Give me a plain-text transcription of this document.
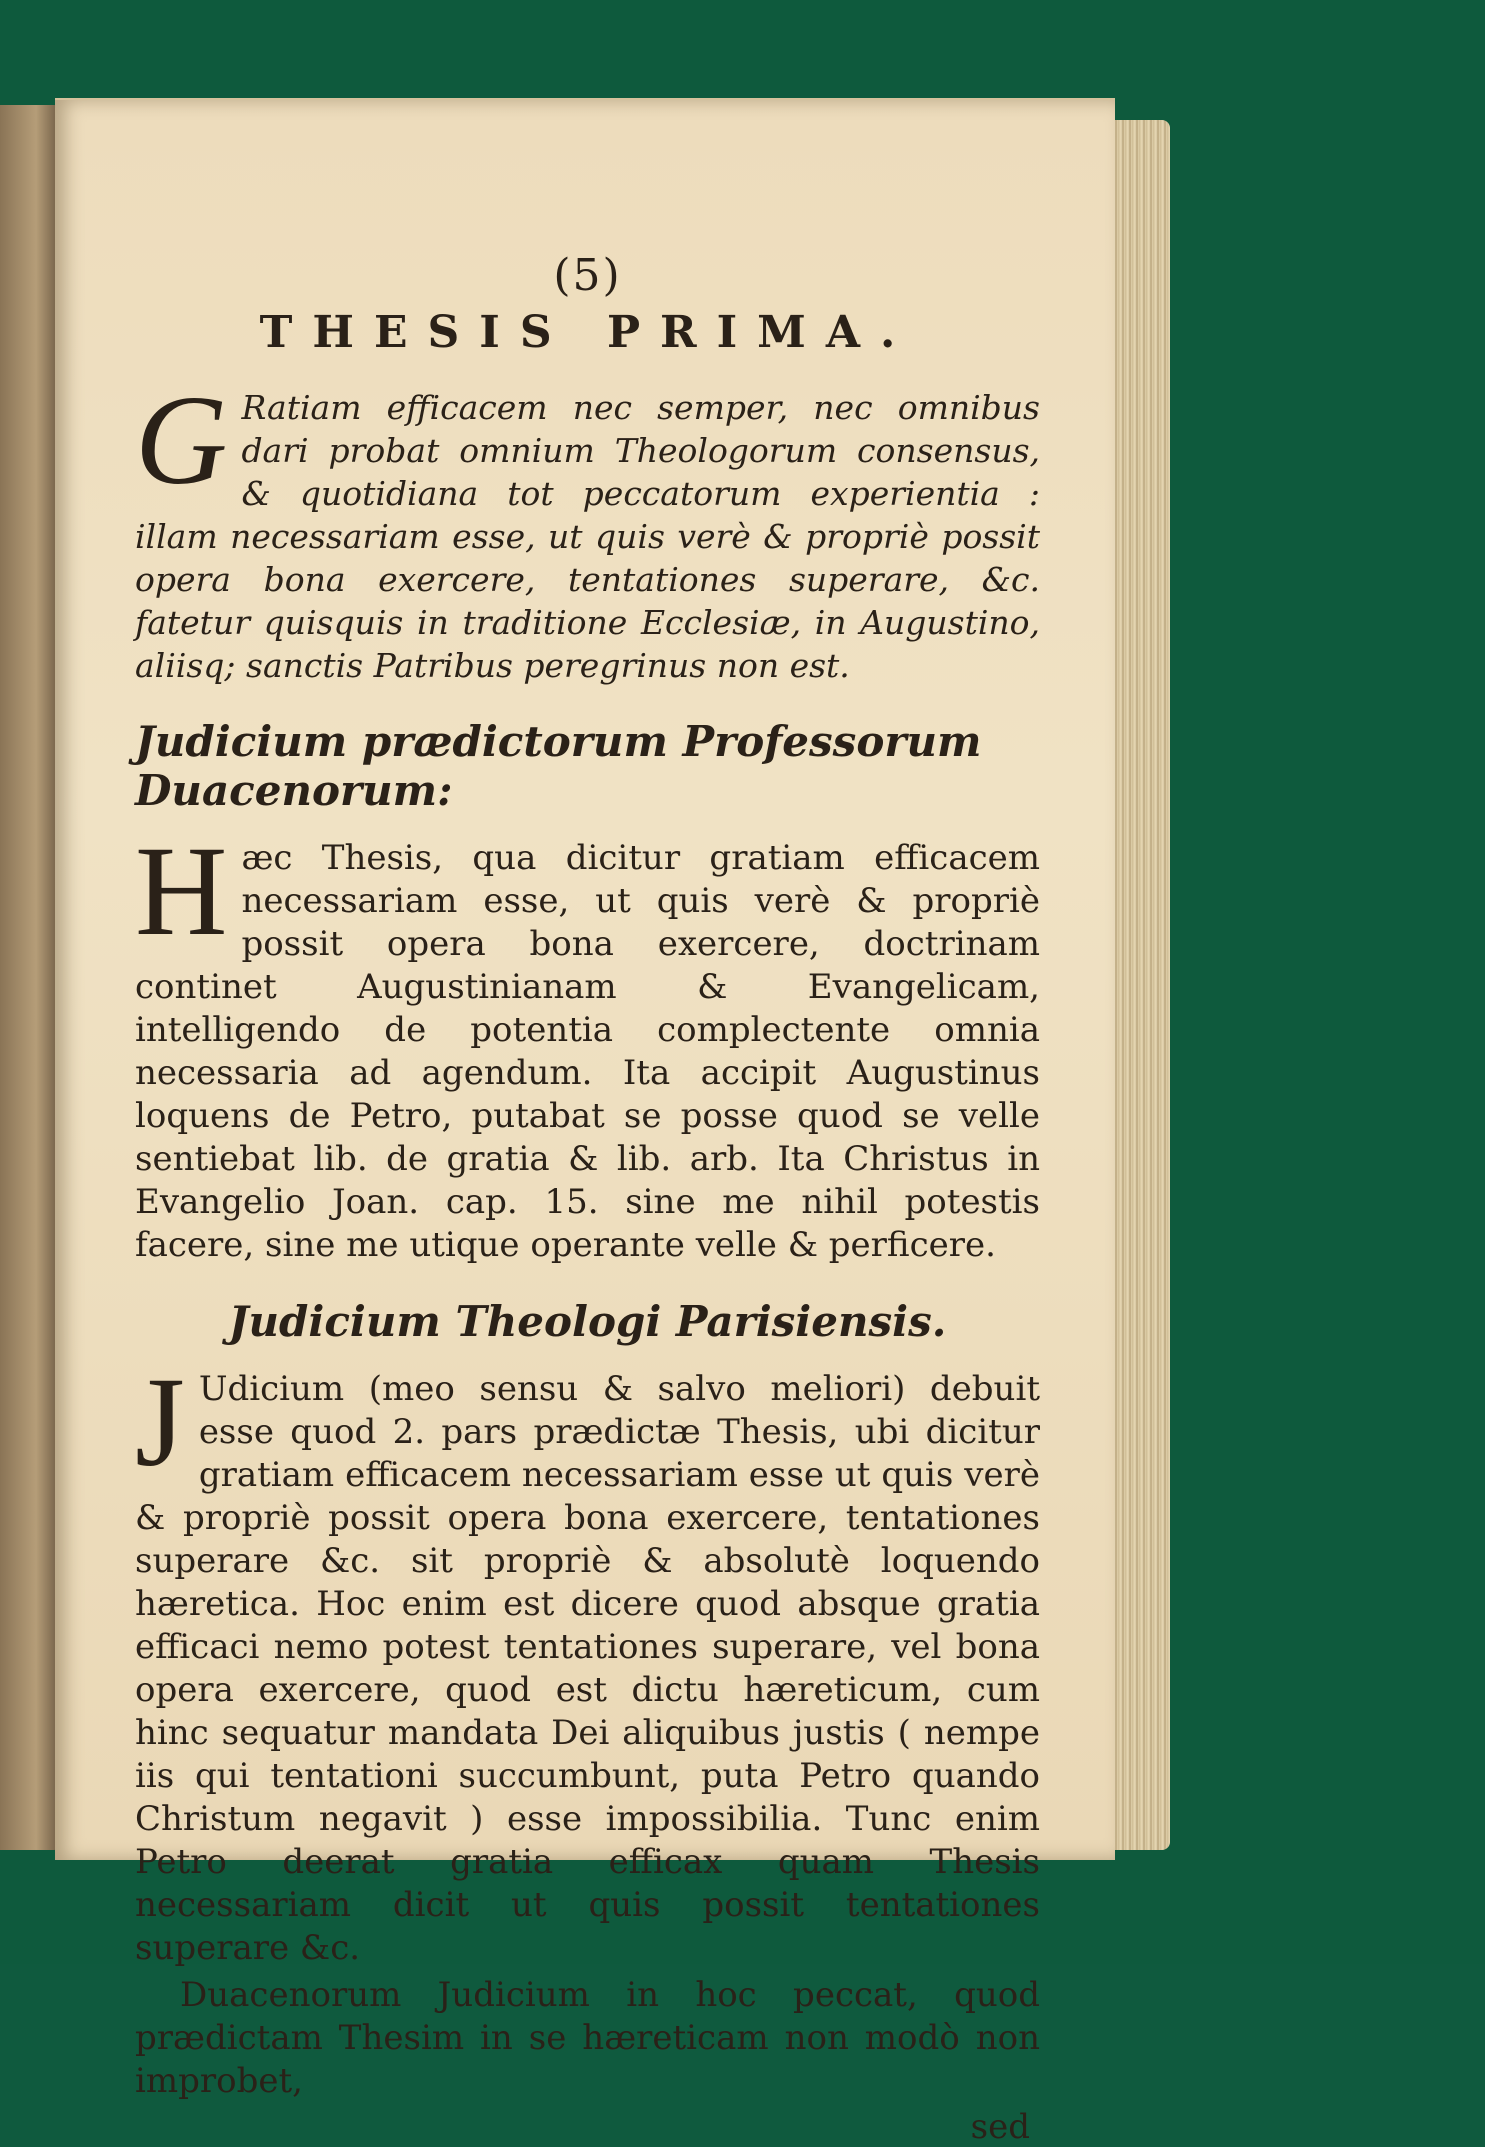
(5)
THESIS PRIMA.
G Ratiam efficacem nec semper, nec omnibus dari probat omnium Theologorum consensus, & quotidiana tot peccatorum experientia : illam necessariam esse, ut quis verè & propriè possit opera bona exercere, tentationes superare, &c. fatetur quisquis in traditione Ecclesiæ, in Augustino, aliisq; sanctis Patribus peregrinus non est.
Judicium prædictorum Professorum Duacenorum:
H æc Thesis, qua dicitur gratiam efficacem necessariam esse, ut quis verè & propriè possit opera bona exercere, doctrinam continet Augustinianam & Evangelicam, intelligendo de potentia complectente omnia necessaria ad agendum. Ita accipit Augustinus loquens de Petro, putabat se posse quod se velle sentiebat lib. de gratia & lib. arb. Ita Christus in Evangelio Joan. cap. 15. sine me nihil potestis facere, sine me utique operante velle & perficere.
Judicium Theologi Parisiensis.
J Udicium (meo sensu & salvo meliori) debuit esse quod 2. pars prædictæ Thesis, ubi dicitur gratiam efficacem necessariam esse ut quis verè & propriè possit opera bona exercere, tentationes superare &c. sit propriè & absolutè loquendo hæretica. Hoc enim est dicere quod absque gratia efficaci nemo potest tentationes superare, vel bona opera exercere, quod est dictu hæreticum, cum hinc sequatur mandata Dei aliquibus justis ( nempe iis qui tentationi succumbunt, puta Petro quando Christum negavit ) esse impossibilia. Tunc enim Petro deerat gratia efficax quam Thesis necessariam dicit ut quis possit tentationes superare &c.
Duacenorum Judicium in hoc peccat, quod prædictam Thesim in se hæreticam non modò non improbet,
sed
